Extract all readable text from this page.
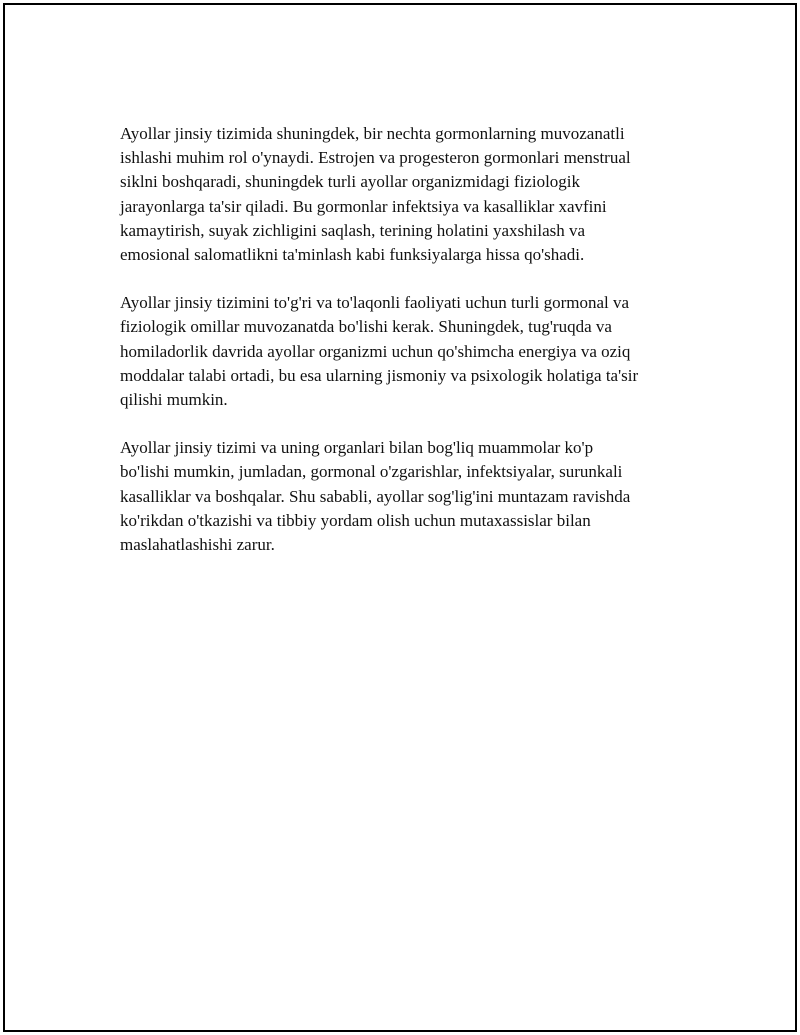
Ayollar jinsiy tizimida shuningdek, bir nechta gormonlarning muvozanatli
ishlashi muhim rol o'ynaydi. Estrojen va progesteron gormonlari menstrual
siklni boshqaradi, shuningdek turli ayollar organizmidagi fiziologik
jarayonlarga ta'sir qiladi. Bu gormonlar infektsiya va kasalliklar xavfini
kamaytirish, suyak zichligini saqlash, terining holatini yaxshilash va
emosional salomatlikni ta'minlash kabi funksiyalarga hissa qo'shadi.

Ayollar jinsiy tizimini to'g'ri va to'laqonli faoliyati uchun turli gormonal va
fiziologik omillar muvozanatda bo'lishi kerak. Shuningdek, tug'ruqda va
homiladorlik davrida ayollar organizmi uchun qo'shimcha energiya va oziq
moddalar talabi ortadi, bu esa ularning jismoniy va psixologik holatiga ta'sir
qilishi mumkin.

Ayollar jinsiy tizimi va uning organlari bilan bog'liq muammolar ko'p
bo'lishi mumkin, jumladan, gormonal o'zgarishlar, infektsiyalar, surunkali
kasalliklar va boshqalar. Shu sababli, ayollar sog'lig'ini muntazam ravishda
ko'rikdan o'tkazishi va tibbiy yordam olish uchun mutaxassislar bilan
maslahatlashishi zarur.
